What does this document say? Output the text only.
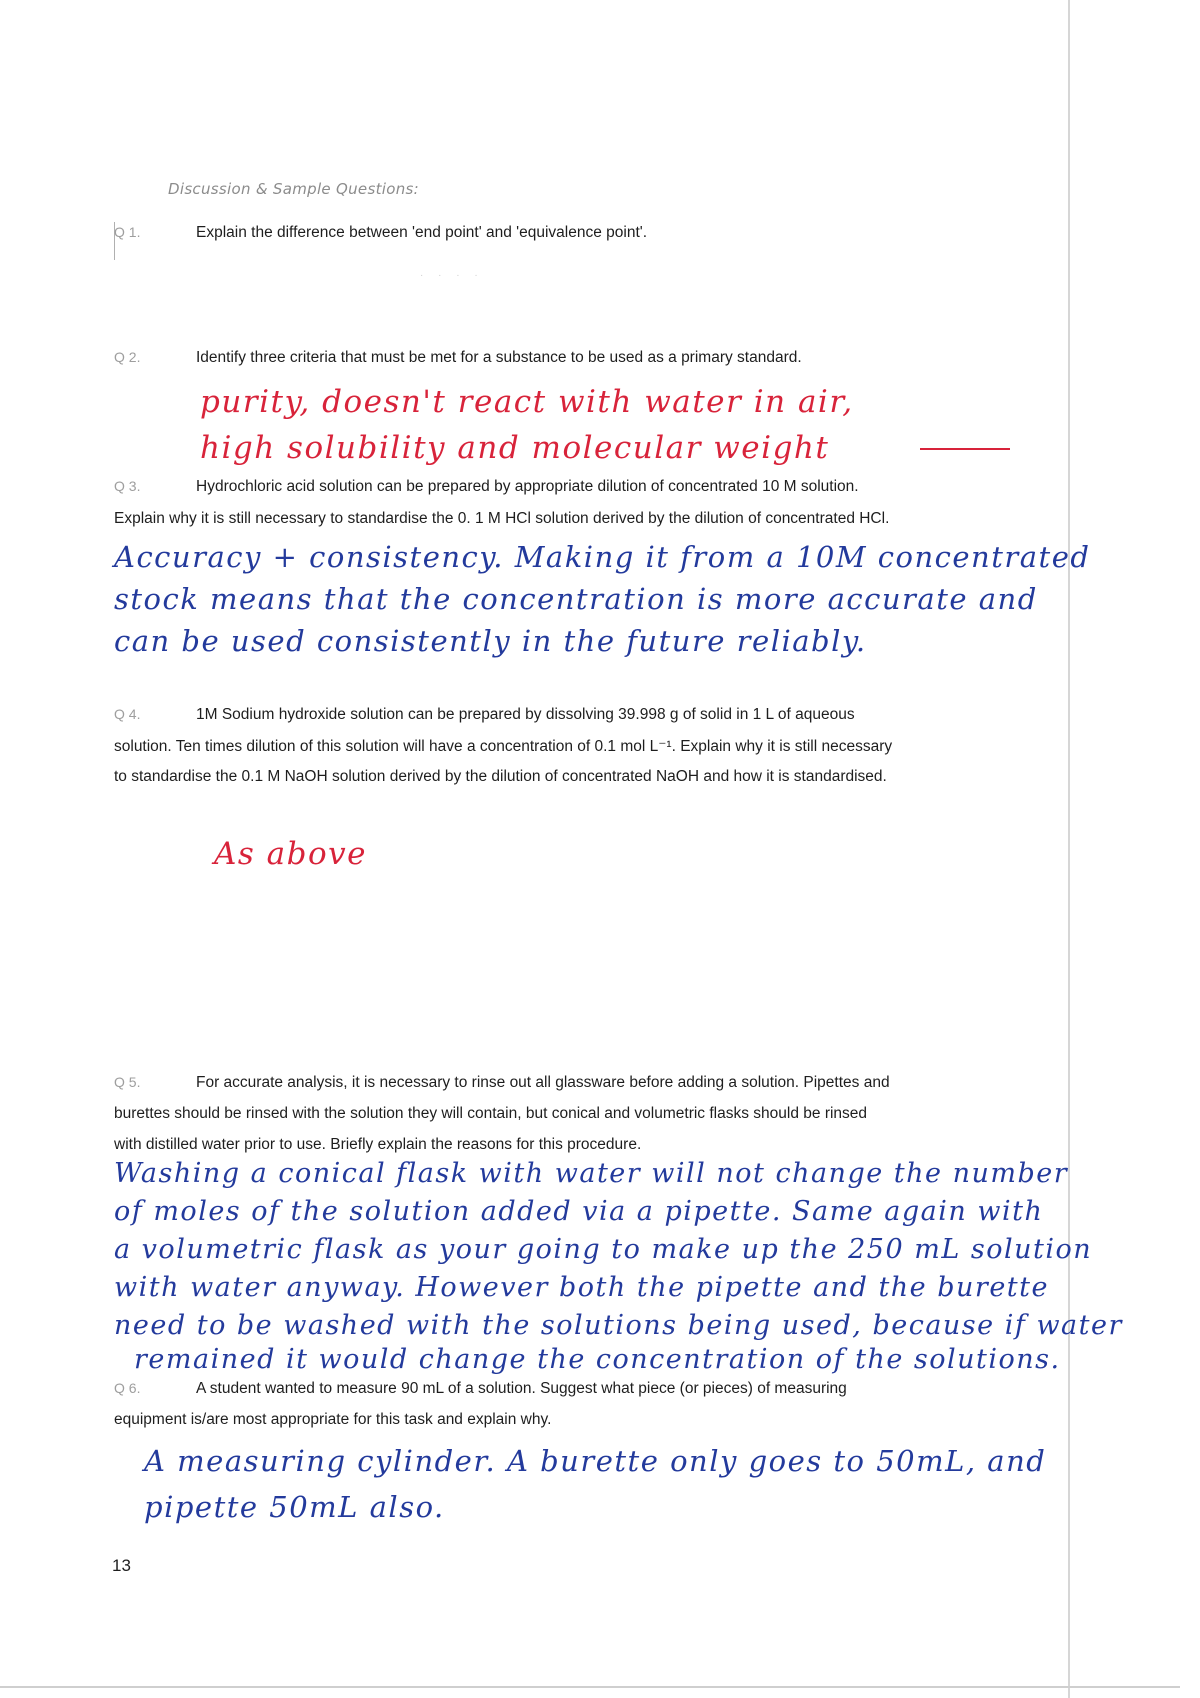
Discussion & Sample Questions:
Q 1.	Explain the difference between 'end point' and 'equivalence point'.
· · · ·
Q 2.	Identify three criteria that must be met for a substance to be used as a primary standard.
purity, doesn't react with water in air,
high solubility and molecular weight
Q 3.	Hydrochloric acid solution can be prepared by appropriate dilution of concentrated 10 M solution.
Explain why it is still necessary to standardise the 0. 1 M HCl solution derived by the dilution of concentrated HCl.
Accuracy + consistency. Making it from a 10M concentrated
stock means that the concentration is more accurate and
can be used consistently in the future reliably.
Q 4.	1M Sodium hydroxide solution can be prepared by dissolving 39.998 g of solid in 1 L of aqueous
solution. Ten times dilution of this solution will have a concentration of 0.1 mol L⁻¹. Explain why it is still necessary
to standardise the 0.1 M NaOH solution derived by the dilution of concentrated NaOH and how it is standardised.
As above
Q 5.	For accurate analysis, it is necessary to rinse out all glassware before adding a solution. Pipettes and
burettes should be rinsed with the solution they will contain, but conical and volumetric flasks should be rinsed
with distilled water prior to use. Briefly explain the reasons for this procedure.
Washing a conical flask with water will not change the number
of moles of the solution added via a pipette. Same again with
a volumetric flask as your going to make up the 250 mL solution
with water anyway. However both the pipette and the burette
need to be washed with the solutions being used, because if water
remained it would change the concentration of the solutions.
Q 6.	A student wanted to measure 90 mL of a solution. Suggest what piece (or pieces) of measuring
equipment is/are most appropriate for this task and explain why.
A measuring cylinder. A burette only goes to 50mL, and
pipette 50mL also.
13
